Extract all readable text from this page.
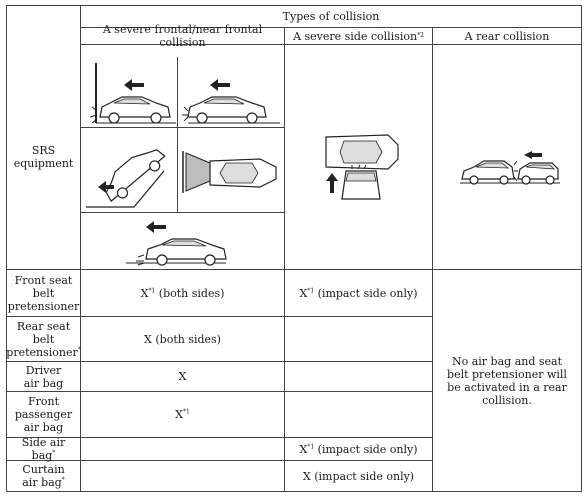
Types of collision
A severe frontal/near frontal collision	A severe side collision *2	A rear collision
SRS equipment
Front seat belt pretensioner
Rear seat belt pretensioner*
Driver air bag
Front passenger air bag
Side air bag*
Curtain air bag*
$X^{*1}$ (both sides)
X (both sides)
X
$X^{*1}$
$X^{*1}$ (impact side only)
$X^{*1}$ (impact side only)
X (impact side only)
No air bag and seat belt pretensioner will be activated in a rear collision.
